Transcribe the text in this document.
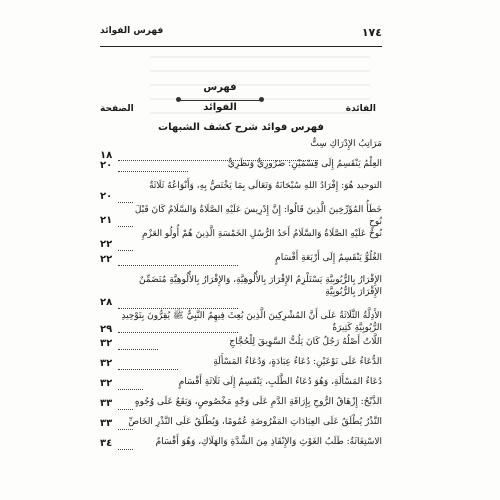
١٧٤
فهرس الفوائد
فهرس الفوائد	الفائدة
الصفحة
فهرس فوائد شرح كشف الشبهات
مَرَاتِبُ الإِدْرَاكِ سِتٌّ
١٨
العِلْمُ يَنْقَسِمُ إِلَى قِسْمَيْنِ: ضَرُورِيٌّ وَنَظَرِيٌّ
٢٠
التوحيد هُوَ: إِفْرَادُ اللهِ سُبْحَانَهُ وَتَعَالَى بِمَا يَخْتَصُّ بِهِ، وَأَنْوَاعُهُ ثَلَاثَةٌ
٢٠
خَطَأُ المُؤَرِّخِينَ الَّذِينَ قَالُوا: إِنَّ إِدْرِيسَ عَلَيْهِ الصَّلَاةُ وَالسَّلَامُ كَانَ قَبْلَ نُوحٍ
٢١
نُوحٌ عَلَيْهِ الصَّلَاةُ وَالسَّلَامُ أَحَدُ الرُّسُلِ الخَمْسَةِ الَّذِينَ هُمْ أُولُو العَزْمِ
٢٢
الغُلُوُّ يَنْقَسِمُ إِلَى أَرْبَعَةِ أَقْسَامٍ
٢٢
الإِقْرَارُ بِالرُّبُوبِيَّةِ يَسْتَلْزِمُ الإِقْرَارَ بِالأُلُوهِيَّةِ، وَالإِقْرَارُ بِالأُلُوهِيَّةِ مُتَضَمِّنٌ الإِقْرَارَ بِالرُّبُوبِيَّةِ
٢٨
الأَدِلَّةُ الثَّلَاثَةُ عَلَى أَنَّ المُشْرِكِينَ الَّذِينَ بُعِثَ فِيهِمُ النَّبِيُّ ﷺ يُقِرُّونَ بِتَوْحِيدِ الرُّبُوبِيَّةِ كَثِيرَةٌ
٢٩
اللَّاتُ أَصْلُهُ رَجُلٌ كَانَ يَلُتُّ السَّوِيقَ لِلْحُجَّاجِ
٣٢
الدُّعَاءُ عَلَى نَوْعَيْنِ: دُعَاءُ عِبَادَةٍ، وَدُعَاءُ المَسْأَلَةِ
٣٢
دُعَاءُ المَسْأَلَةِ، وَهُوَ دُعَاءُ الطَّلَبِ، يَنْقَسِمُ إِلَى ثَلَاثَةِ أَقْسَامٍ
٣٢
الذَّبْحُ: إِزْهَاقُ الرُّوحِ بِإِرَاقَةِ الدَّمِ عَلَى وَجْهٍ مَخْصُوصٍ، وَيَقَعُ عَلَى وُجُوهٍ
٣٣
النَّذْرُ يُطْلَقُ عَلَى العِبَادَاتِ المَفْرُوضَةِ عُمُومًا، وَيُطْلَقُ عَلَى النَّذْرِ الخَاصِّ
٣٣
الاسْتِغَاثَةُ: طَلَبُ الغَوْثِ وَالإِنْقَاذِ مِنَ الشِّدَّةِ وَالهَلَاكِ، وَهُوَ أَقْسَامٌ
٣٤
